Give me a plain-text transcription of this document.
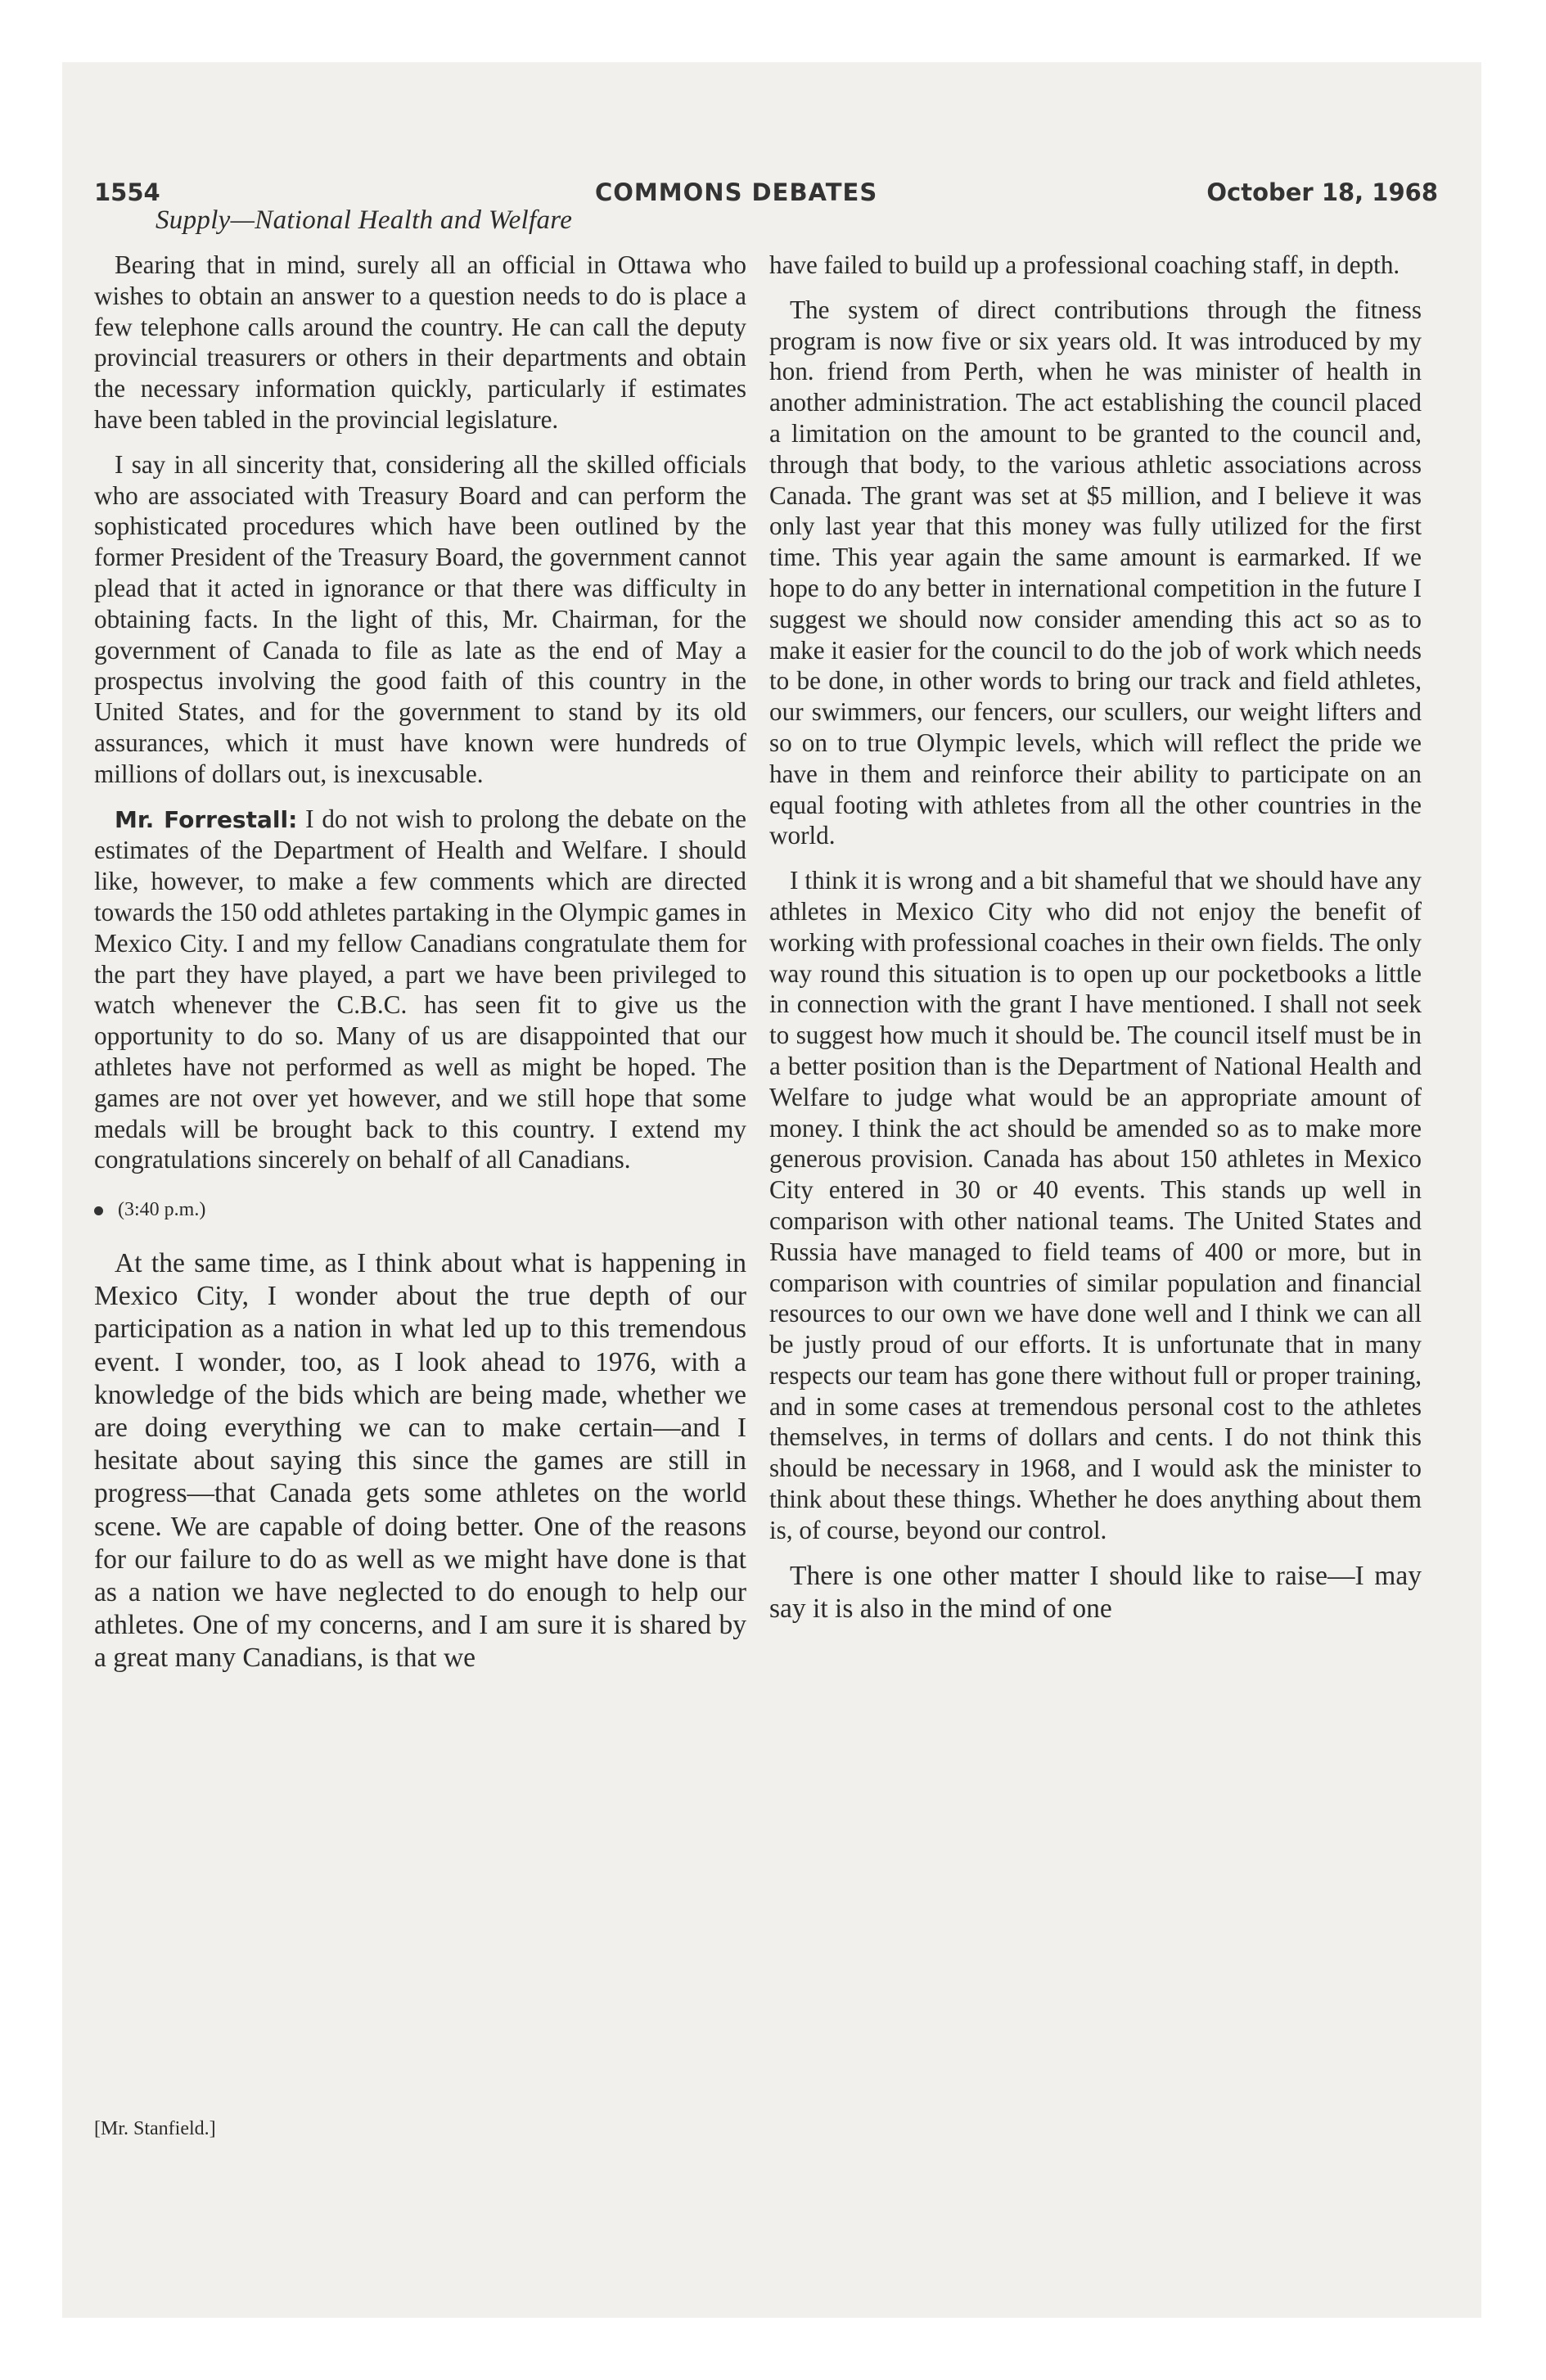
1554	COMMONS DEBATES	October 18, 1968
Supply—National Health and Welfare

Bearing that in mind, surely all an official in Ottawa who wishes to obtain an answer to a question needs to do is place a few telephone calls around the country. He can call the deputy provincial treasurers or others in their departments and obtain the necessary information quickly, particularly if estimates have been tabled in the provincial legislature.

I say in all sincerity that, considering all the skilled officials who are associated with Treasury Board and can perform the sophisticated procedures which have been outlined by the former President of the Treasury Board, the government cannot plead that it acted in ignorance or that there was difficulty in obtaining facts. In the light of this, Mr. Chairman, for the government of Canada to file as late as the end of May a prospectus involving the good faith of this country in the United States, and for the government to stand by its old assurances, which it must have known were hundreds of millions of dollars out, is inexcusable.

Mr. Forrestall: I do not wish to prolong the debate on the estimates of the Department of Health and Welfare. I should like, however, to make a few comments which are directed towards the 150 odd athletes partaking in the Olympic games in Mexico City. I and my fellow Canadians congratulate them for the part they have played, a part we have been privileged to watch whenever the C.B.C. has seen fit to give us the opportunity to do so. Many of us are disappointed that our athletes have not performed as well as might be hoped. The games are not over yet however, and we still hope that some medals will be brought back to this country. I extend my congratulations sincerely on behalf of all Canadians.

(3:40 p.m.)

At the same time, as I think about what is happening in Mexico City, I wonder about the true depth of our participation as a nation in what led up to this tremendous event. I wonder, too, as I look ahead to 1976, with a knowledge of the bids which are being made, whether we are doing everything we can to make certain—and I hesitate about saying this since the games are still in progress—that Canada gets some athletes on the world scene. We are capable of doing better. One of the reasons for our failure to do as well as we might have done is that as a nation we have neglected to do enough to help our athletes. One of my concerns, and I am sure it is shared by a great many Canadians, is that we

have failed to build up a professional coaching staff, in depth.

The system of direct contributions through the fitness program is now five or six years old. It was introduced by my hon. friend from Perth, when he was minister of health in another administration. The act establishing the council placed a limitation on the amount to be granted to the council and, through that body, to the various athletic associations across Canada. The grant was set at $5 million, and I believe it was only last year that this money was fully utilized for the first time. This year again the same amount is earmarked. If we hope to do any better in international competition in the future I suggest we should now consider amending this act so as to make it easier for the council to do the job of work which needs to be done, in other words to bring our track and field athletes, our swimmers, our fencers, our scullers, our weight lifters and so on to true Olympic levels, which will reflect the pride we have in them and reinforce their ability to participate on an equal footing with athletes from all the other countries in the world.

I think it is wrong and a bit shameful that we should have any athletes in Mexico City who did not enjoy the benefit of working with professional coaches in their own fields. The only way round this situation is to open up our pocketbooks a little in connection with the grant I have mentioned. I shall not seek to suggest how much it should be. The council itself must be in a better position than is the Department of National Health and Welfare to judge what would be an appropriate amount of money. I think the act should be amended so as to make more generous provision. Canada has about 150 athletes in Mexico City entered in 30 or 40 events. This stands up well in comparison with other national teams. The United States and Russia have managed to field teams of 400 or more, but in comparison with countries of similar population and financial resources to our own we have done well and I think we can all be justly proud of our efforts. It is unfortunate that in many respects our team has gone there without full or proper training, and in some cases at tremendous personal cost to the athletes themselves, in terms of dollars and cents. I do not think this should be necessary in 1968, and I would ask the minister to think about these things. Whether he does anything about them is, of course, beyond our control.

There is one other matter I should like to raise—I may say it is also in the mind of one

[Mr. Stanfield.]
